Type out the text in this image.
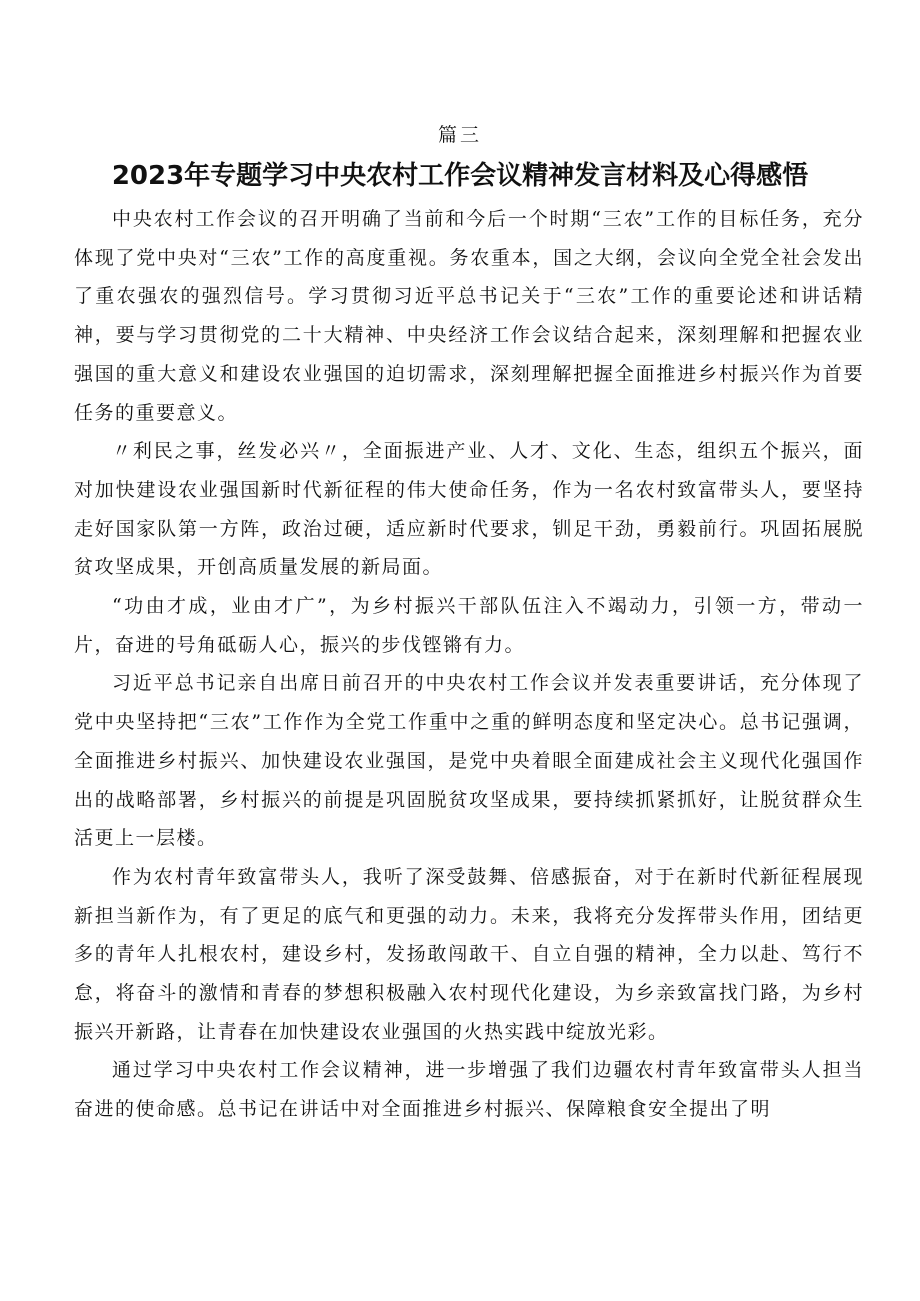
篇三
2023年专题学习中央农村工作会议精神发言材料及心得感悟

中央农村工作会议的召开明确了当前和今后一个时期“三农”工作的目标任务，充分体现了党中央对“三农”工作的高度重视。务农重本，国之大纲，会议向全党全社会发出了重农强农的强烈信号。学习贯彻习近平总书记关于“三农”工作的重要论述和讲话精神，要与学习贯彻党的二十大精神、中央经济工作会议结合起来，深刻理解和把握农业强国的重大意义和建设农业强国的迫切需求，深刻理解把握全面推进乡村振兴作为首要任务的重要意义。

〃利民之事，丝发必兴〃，全面振进产业、人才、文化、生态，组织五个振兴，面对加快建设农业强国新时代新征程的伟大使命任务，作为一名农村致富带头人，要坚持走好国家队第一方阵，政治过硬，适应新时代要求，钏足干劲，勇毅前行。巩固拓展脱贫攻坚成果，开创高质量发展的新局面。

“功由才成，业由才广”，为乡村振兴干部队伍注入不竭动力，引领一方，带动一片，奋进的号角砥砺人心，振兴的步伐铿锵有力。

习近平总书记亲自出席日前召开的中央农村工作会议并发表重要讲话，充分体现了党中央坚持把“三农”工作作为全党工作重中之重的鲜明态度和坚定决心。总书记强调，全面推进乡村振兴、加快建设农业强国，是党中央着眼全面建成社会主义现代化强国作出的战略部署，乡村振兴的前提是巩固脱贫攻坚成果，要持续抓紧抓好，让脱贫群众生活更上一层楼。

作为农村青年致富带头人，我听了深受鼓舞、倍感振奋，对于在新时代新征程展现新担当新作为，有了更足的底气和更强的动力。未来，我将充分发挥带头作用，团结更多的青年人扎根农村，建设乡村，发扬敢闯敢干、自立自强的精神，全力以赴、笃行不怠，将奋斗的激情和青春的梦想积极融入农村现代化建设，为乡亲致富找门路，为乡村振兴开新路，让青春在加快建设农业强国的火热实践中绽放光彩。

通过学习中央农村工作会议精神，进一步增强了我们边疆农村青年致富带头人担当奋进的使命感。总书记在讲话中对全面推进乡村振兴、保障粮食安全提出了明
